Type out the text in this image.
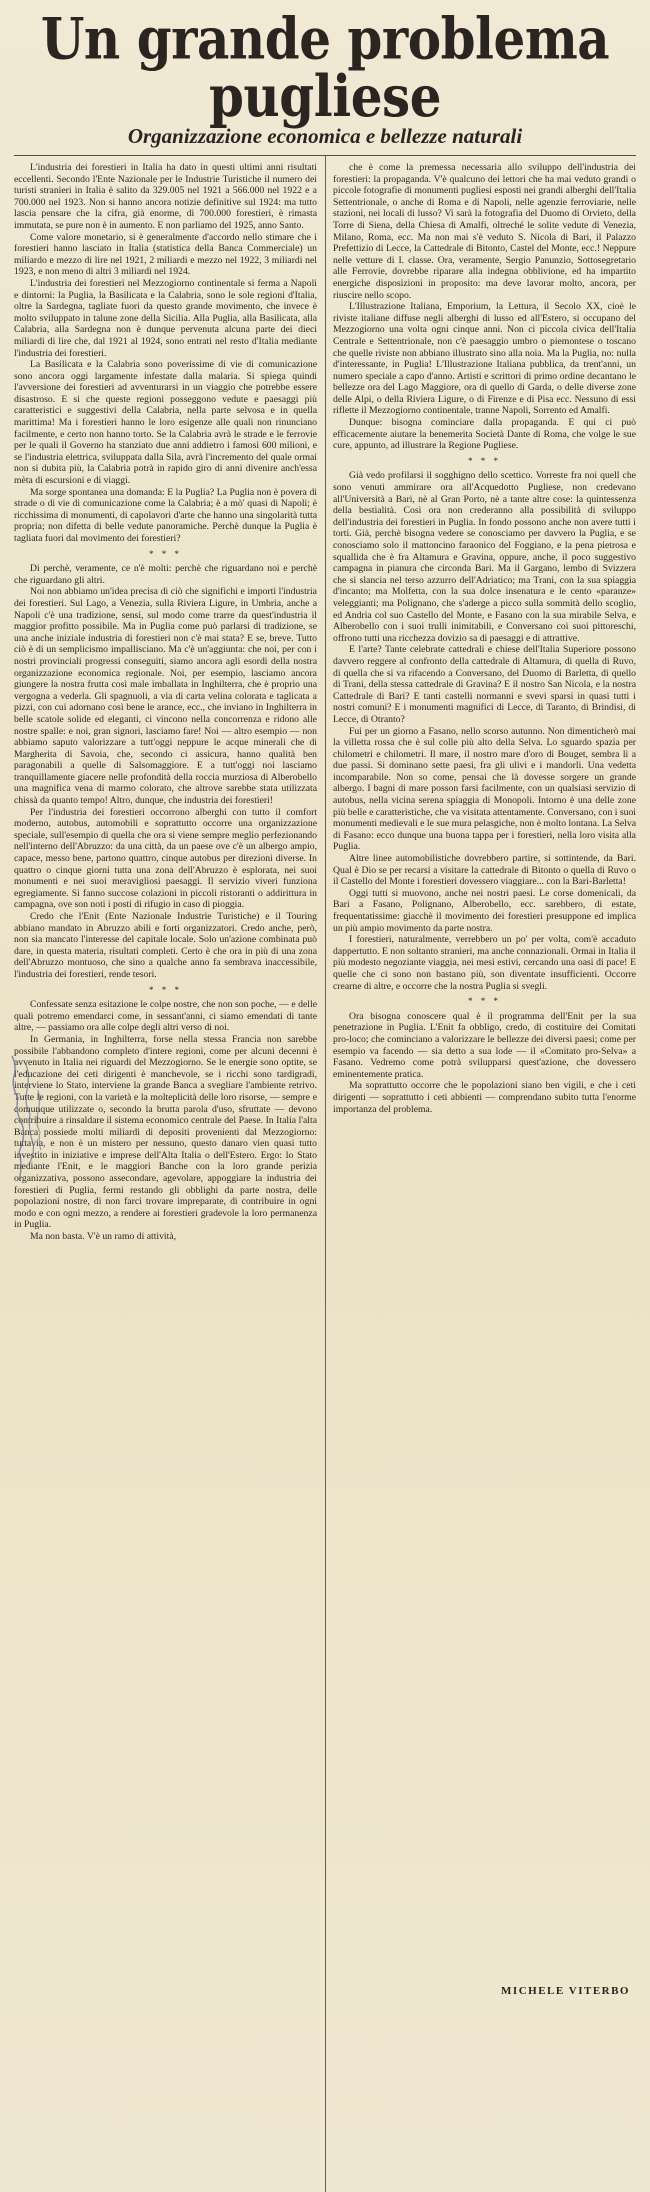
Un grande problema pugliese
Organizzazione economica e bellezze naturali

L'industria dei forestieri in Italia ha dato in questi ultimi anni risultati eccellenti. Secondo l'Ente Nazionale per le Industrie Turistiche il numero dei turisti stranieri in Italia è salito da 329.005 nel 1921 a 566.000 nel 1922 e a 700.000 nel 1923. Non si hanno ancora notizie definitive sul 1924: ma tutto lascia pensare che la cifra, già enorme, di 700.000 forestieri, è rimasta immutata, se pure non è in aumento. E non parliamo del 1925, anno Santo.

Come valore monetario, si è generalmente d'accordo nello stimare che i forestieri hanno lasciato in Italia (statistica della Banca Commerciale) un miliardo e mezzo di lire nel 1921, 2 miliardi e mezzo nel 1922, 3 miliardi nel 1923, e non meno di altri 3 miliardi nel 1924.

L'industria dei forestieri nel Mezzogiorno continentale si ferma a Napoli e dintorni: la Puglia, la Basilicata e la Calabria, sono le sole regioni d'Italia, oltre la Sardegna, tagliate fuori da questo grande movimento, che invece è molto sviluppato in talune zone della Sicilia. Alla Puglia, alla Basilicata, alla Calabria, alla Sardegna non è dunque pervenuta alcuna parte dei dieci miliardi di lire che, dal 1921 al 1924, sono entrati nel resto d'Italia mediante l'industria dei forestieri.

La Basilicata e la Calabria sono poverissime di vie di comunicazione sono ancora oggi largamente infestate dalla malaria. Si spiega quindi l'avversione dei forestieri ad avventurarsi in un viaggio che potrebbe essere disastroso. E si che queste regioni posseggono vedute e paesaggi più caratteristici e suggestivi della Calabria, nella parte selvosa e in quella marittima! Ma i forestieri hanno le loro esigenze alle quali non rinunciano facilmente, e certo non hanno torto. Se la Calabria avrà le strade e le ferrovie per le quali il Governo ha stanziato due anni addietro i famosi 600 milioni, e se l'industria elettrica, sviluppata dalla Sila, avrà l'incremento del quale ormai non si dubita più, la Calabria potrà in rapido giro di anni divenire anch'essa mèta di escursioni e di viaggi.

Ma sorge spontanea una domanda: E la Puglia? La Puglia non è povera di strade o di vie di comunicazione come la Calabria; è a mò' quasi di Napoli; è ricchissima di monumenti, di capolavori d'arte che hanno una singolarità tutta propria; non difetta di belle vedute panoramiche. Perchè dunque la Puglia è tagliata fuori dal movimento dei forestieri?

* * *

Di perchè, veramente, ce n'è molti: perchè che riguardano noi e perchè che riguardano gli altri.

Noi non abbiamo un'idea precisa di ciò che significhi e importi l'industria dei forestieri. Sul Lago, a Venezia, sulla Riviera Ligure, in Umbria, anche a Napoli c'è una tradizione, sensi, sul modo come trarre da quest'industria il maggior profitto possibile. Ma in Puglia come può parlarsi di tradizione, se una anche iniziale industria di forestieri non c'è mai stata? E se, breve. Tutto ciò è di un semplicismo impallisciano. Ma c'è un'aggiunta: che noi, per con i nostri provinciali progressi conseguiti, siamo ancora agli esordi della nostra organizzazione economica regionale. Noi, per esempio, lasciamo ancora giungere la nostra frutta così male imballata in Inghilterra, che è proprio una vergogna a vederla. Gli spagnuoli, a via di carta velina colorata e taglicata a pizzi, con cui adornano così bene le arance, ecc., che inviano in Inghilterra in belle scatole solide ed eleganti, ci vincono nella concorrenza e ridono alle nostre spalle: e noi, gran signori, lasciamo fare! Noi — altro esempio — non abbiamo saputo valorizzare a tutt'oggi neppure le acque minerali che di Margherita di Savoia, che, secondo ci assicura, hanno qualità ben paragonabili a quelle di Salsomaggiore. E a tutt'oggi noi lasciamo tranquillamente giacere nelle profondità della roccia murziosa di Alberobello una magnifica vena di marmo colorato, che altrove sarebbe stata utilizzata chissà da quanto tempo! Altro, dunque, che industria dei forestieri!

Per l'industria dei forestieri occorrono alberghi con tutto il comfort moderno, autobus, automobili e soprattutto occorre una organizzazione speciale, sull'esempio di quella che ora si viene sempre meglio perfezionando nell'interno dell'Abruzzo: da una città, da un paese ove c'è un albergo ampio, capace, messo bene, partono quattro, cinque autobus per direzioni diverse. In quattro o cinque giorni tutta una zona dell'Abruzzo è esplorata, nei suoi monumenti e nei suoi meravigliosi paesaggi. Il servizio viveri funziona egregiamente. Si fanno succose colazioni in piccoli ristoranti o addirittura in campagna, ove son noti i posti di rifugio in caso di pioggia.

Credo che l'Enit (Ente Nazionale Industrie Turistiche) e il Touring abbiano mandato in Abruzzo abili e forti organizzatori. Credo anche, però, non sia mancato l'interesse del capitale locale. Solo un'azione combinata può dare, in questa materia, risultati completi. Certo è che ora in più di una zona dell'Abruzzo montuoso, che sino a qualche anno fa sembrava inaccessibile, l'industria dei forestieri, rende tesori.

* * *

Confessate senza esitazione le colpe nostre, che non son poche, — e delle quali potremo emendarci come, in sessant'anni, ci siamo emendati di tante altre, — passiamo ora alle colpe degli altri verso di noi.

In Germania, in Inghilterra, forse nella stessa Francia non sarebbe possibile l'abbandono completo d'intere regioni, come per alcuni decenni è avvenuto in Italia nei riguardi del Mezzogiorno. Se le energie sono optite, se l'educazione dei ceti dirigenti è manchevole, se i ricchi sono tardigradi, interviene lo Stato, interviene la grande Banca a svegliare l'ambiente retrivo. Tutte le regioni, con la varietà e la molteplicità delle loro risorse, — sempre e comunque utilizzate o, secondo la brutta parola d'uso, sfruttate — devono contribuire a rinsaldare il sistema economico centrale del Paese. In Italia l'alta Banca possiede molti miliardi di depositi provenienti dal Mezzogiorno: tuttavia, e non è un mistero per nessuno, questo danaro vien quasi tutto investito in iniziative e imprese dell'Alta Italia o dell'Estero. Ergo: lo Stato mediante l'Enit, e le maggiori Banche con la loro grande perizia organizzativa, possono assecondare, agevolare, appoggiare la industria dei forestieri di Puglia, fermi restando gli obblighi da parte nostra, delle popolazioni nostre, di non farci trovare impreparate, di contribuire in ogni modo e con ogni mezzo, a rendere ai forestieri gradevole la loro permanenza in Puglia.

Ma non basta. V'è un ramo di attività,

che è come la premessa necessaria allo sviluppo dell'industria dei forestieri: la propaganda. V'è qualcuno dei lettori che ha mai veduto grandi o piccole fotografie di monumenti pugliesi esposti nei grandi alberghi dell'Italia Settentrionale, o anche di Roma e di Napoli, nelle agenzie ferroviarie, nelle stazioni, nei locali di lusso? Vi sarà la fotografia del Duomo di Orvieto, della Torre di Siena, della Chiesa di Amalfi, oltreché le solite vedute di Venezia, Milano, Roma, ecc. Ma non mai s'è veduto S. Nicola di Bari, il Palazzo Prefettizio di Lecce, la Cattedrale di Bitonto, Castel del Monte, ecc.! Neppure nelle vetture di I. classe. Ora, veramente, Sergio Panunzio, Sottosegretario alle Ferrovie, dovrebbe riparare alla indegna obblivione, ed ha impartito energiche disposizioni in proposito: ma deve lavorar molto, ancora, per riuscire nello scopo.

L'Illustrazione Italiana, Emporium, la Lettura, il Secolo XX, cioè le riviste italiane diffuse negli alberghi di lusso ed all'Estero, si occupano del Mezzogiorno una volta ogni cinque anni. Non ci piccola civica dell'Italia Centrale e Settentrionale, non c'è paesaggio umbro o piemontese o toscano che quelle riviste non abbiano illustrato sino alla noia. Ma la Puglia, no: nulla d'interessante, in Puglia! L'Illustrazione Italiana pubblica, da trent'anni, un numero speciale a capo d'anno. Artisti e scrittori di primo ordine decantano le bellezze ora del Lago Maggiore, ora di quello di Garda, o delle diverse zone delle Alpi, o della Riviera Ligure, o di Firenze e di Pisa ecc. Nessuno di essi riflette il Mezzogiorno continentale, tranne Napoli, Sorrento ed Amalfi.

Dunque: bisogna cominciare dalla propaganda. E qui ci può efficacemente aiutare la benemerita Società Dante di Roma, che volge le sue cure, appunto, ad illustrare la Regione Pugliese.

* * *

Già vedo profilarsi il sogghigno dello scettico. Vorreste fra noi quell che sono venuti ammirare ora all'Acquedotto Pugliese, non credevano all'Università a Bari, nè al Gran Porto, nè a tante altre cose: la quintessenza della bestialità. Così ora non crederanno alla possibilità di sviluppo dell'industria dei forestieri in Puglia. In fondo possono anche non avere tutti i torti. Già, perchè bisogna vedere se conosciamo per davvero la Puglia, e se conosciamo solo il mattoncino faraonico del Foggiano, e la pena pietrosa e squallida che è fra Altamura e Gravina, oppure, anche, il poco suggestivo campagna in pianura che circonda Bari. Ma il Gargano, lembo di Svizzera che si slancia nel terso azzurro dell'Adriatico; ma Trani, con la sua spiaggia d'incanto; ma Molfetta, con la sua dolce insenatura e le cento «paranze» veleggianti; ma Polignano, che s'aderge a picco sulla sommità dello scoglio, ed Andria col suo Castello del Monte, e Fasano con la sua mirabile Selva, e Alberobello con i suoi trulli inimitabili, e Conversano coi suoi pittoreschi, offrono tutti una ricchezza dovizio sa di paesaggi e di attrattive.

E l'arte? Tante celebrate cattedrali e chiese dell'Italia Superiore possono davvero reggere al confronto della cattedrale di Altamura, di quella di Ruvo, di quella che si va rifacendo a Conversano, del Duomo di Barletta, di quello di Trani, della stessa cattedrale di Gravina? E il nostro San Nicola, e la nostra Cattedrale di Bari? E tanti castelli normanni e svevi sparsi in quasi tutti i nostri comuni? E i monumenti magnifici di Lecce, di Taranto, di Brindisi, di Lecce, di Otranto?

Fui per un giorno a Fasano, nello scorso autunno. Non dimenticherò mai la villetta rossa che è sul colle più alto della Selva. Lo sguardo spazia per chilometri e chilometri. Il mare, il nostro mare d'oro di Bouget, sembra lì a due passi. Si dominano sette paesi, fra gli ulivi e i mandorli. Una vedetta incomparabile. Non so come, pensai che là dovesse sorgere un grande albergo. I bagni di mare posson farsi facilmente, con un qualsiasi servizio di autobus, nella vicina serena spiaggia di Monopoli. Intorno è una delle zone più belle e caratteristiche, che va visitata attentamente. Conversano, con i suoi monumenti medievali e le sue mura pelasgiche, non è molto lontana. La Selva di Fasano: ecco dunque una buona tappa per i forestieri, nella loro visita alla Puglia.

Altre linee automobilistiche dovrebbero partire, si sottintende, da Bari. Qual è Dio se per recarsi a visitare la cattedrale di Bitonto o quella di Ruvo o il Castello del Monte i forestieri dovessero viaggiare... con la Bari-Barletta!

Oggi tutti si muovono, anche nei nostri paesi. Le corse domenicali, da Bari a Fasano, Polignano, Alberobello, ecc. sarebbero, di estate, frequentatissime: giacchè il movimento dei forestieri presuppone ed implica un più ampio movimento da parte nostra.

I forestieri, naturalmente, verrebbero un po' per volta, com'è accaduto dappertutto. E non soltanto stranieri, ma anche connazionali. Ormai in Italia il più modesto negoziante viaggia, nei mesi estivi, cercando una oasi di pace! E quelle che ci sono non bastano più, son diventate insufficienti. Occorre crearne di altre, e occorre che la nostra Puglia si svegli.

* * *

Ora bisogna conoscere qual è il programma dell'Enit per la sua penetrazione in Puglia. L'Enit fa obbligo, credo, di costituire dei Comitati pro-loco; che cominciano a valorizzare le bellezze dei diversi paesi; come per esempio va facendo — sia detto a sua lode — il «Comitato pro-Selva» a Fasano. Vedremo come potrà svilupparsi quest'azione, che dovessero eminentemente pratica.

Ma soprattutto occorre che le popolazioni siano ben vigili, e che i ceti dirigenti — soprattutto i ceti abbienti — comprendano subito tutta l'enorme importanza del problema.

MICHELE VITERBO
